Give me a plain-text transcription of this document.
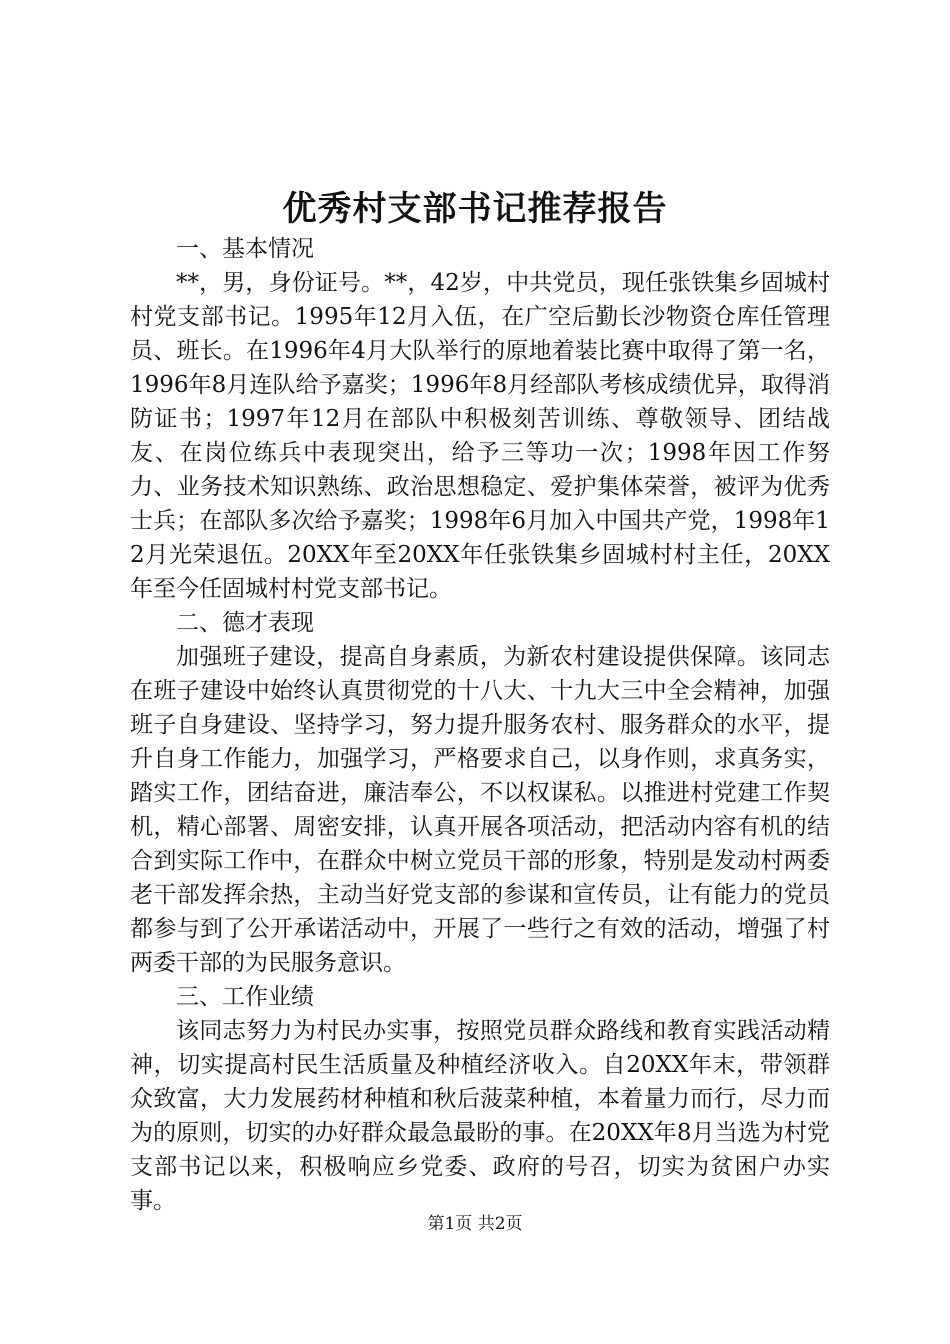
优秀村支部书记推荐报告

一、基本情况

**，男，身份证号。**，42岁，中共党员，现任张铁集乡固城村村党支部书记。1995年12月入伍，在广空后勤长沙物资仓库任管理员、班长。在1996年4月大队举行的原地着装比赛中取得了第一名，1996年8月连队给予嘉奖；1996年8月经部队考核成绩优异，取得消防证书；1997年12月在部队中积极刻苦训练、尊敬领导、团结战友、在岗位练兵中表现突出，给予三等功一次；1998年因工作努力、业务技术知识熟练、政治思想稳定、爱护集体荣誉，被评为优秀士兵；在部队多次给予嘉奖；1998年6月加入中国共产党，1998年12月光荣退伍。20XX年至20XX年任张铁集乡固城村村主任，20XX年至今任固城村村党支部书记。

二、德才表现

加强班子建设，提高自身素质，为新农村建设提供保障。该同志在班子建设中始终认真贯彻党的十八大、十九大三中全会精神，加强班子自身建设、坚持学习，努力提升服务农村、服务群众的水平，提升自身工作能力，加强学习，严格要求自己，以身作则，求真务实，踏实工作，团结奋进，廉洁奉公，不以权谋私。以推进村党建工作契机，精心部署、周密安排，认真开展各项活动，把活动内容有机的结合到实际工作中，在群众中树立党员干部的形象，特别是发动村两委老干部发挥余热，主动当好党支部的参谋和宣传员，让有能力的党员都参与到了公开承诺活动中，开展了一些行之有效的活动，增强了村两委干部的为民服务意识。

三、工作业绩

该同志努力为村民办实事，按照党员群众路线和教育实践活动精神，切实提高村民生活质量及种植经济收入。自20XX年末，带领群众致富，大力发展药材种植和秋后菠菜种植，本着量力而行，尽力而为的原则，切实的办好群众最急最盼的事。在20XX年8月当选为村党支部书记以来，积极响应乡党委、政府的号召，切实为贫困户办实事。

第1页 共2页
